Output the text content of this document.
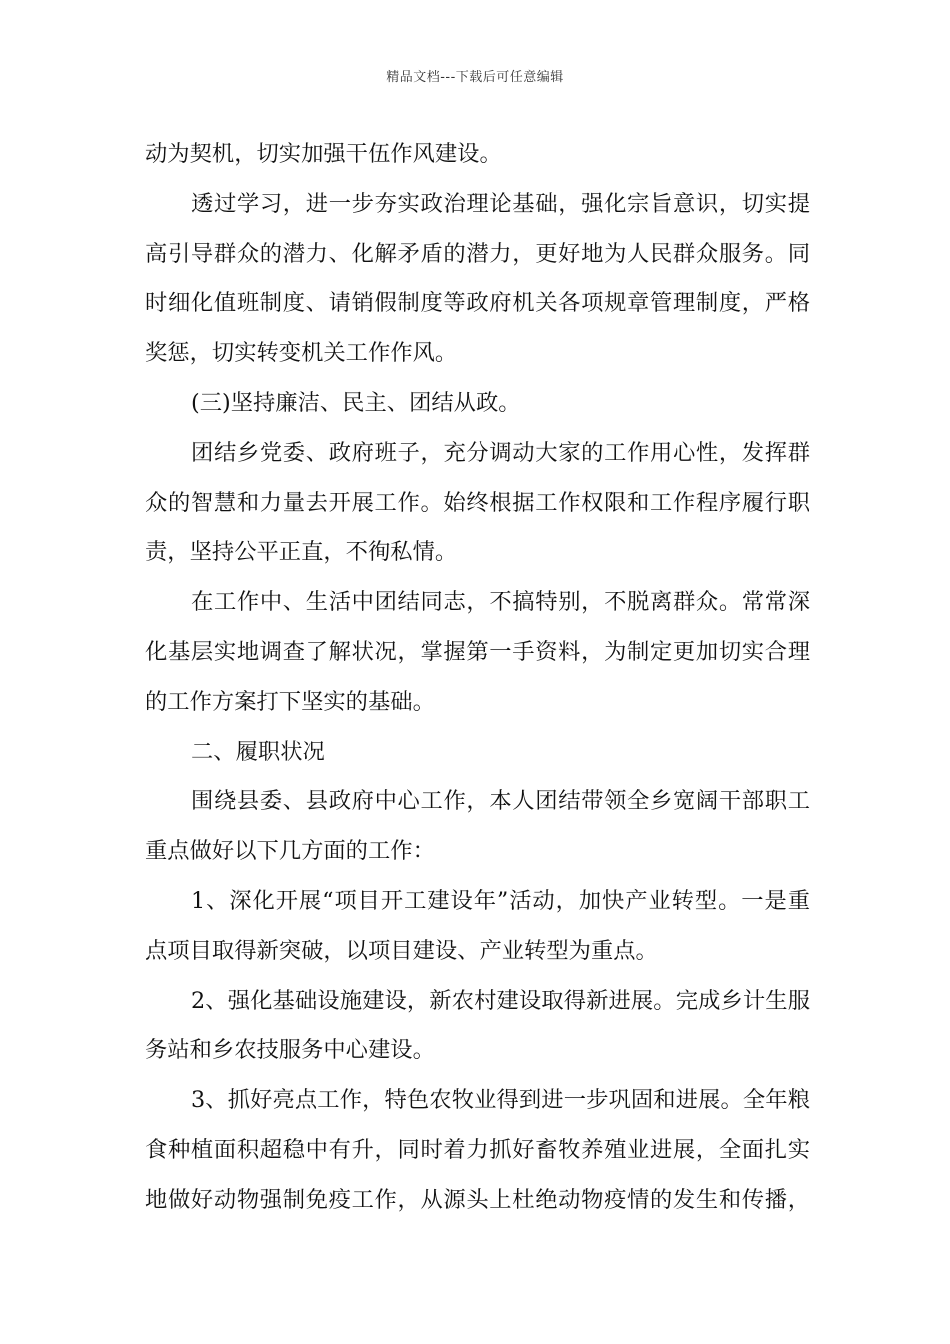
精品文档---下载后可任意编辑
动为契机，切实加强干伍作风建设。
透过学习，进一步夯实政治理论基础，强化宗旨意识，切实提
高引导群众的潜力、化解矛盾的潜力，更好地为人民群众服务。同
时细化值班制度、请销假制度等政府机关各项规章管理制度，严格
奖惩，切实转变机关工作作风。
(三)坚持廉洁、民主、团结从政。
团结乡党委、政府班子，充分调动大家的工作用心性，发挥群
众的智慧和力量去开展工作。始终根据工作权限和工作程序履行职
责，坚持公平正直，不徇私情。
在工作中、生活中团结同志，不搞特别，不脱离群众。常常深
化基层实地调查了解状况，掌握第一手资料，为制定更加切实合理
的工作方案打下坚实的基础。
二、履职状况
围绕县委、县政府中心工作，本人团结带领全乡宽阔干部职工
重点做好以下几方面的工作：
1、深化开展“项目开工建设年”活动，加快产业转型。一是重
点项目取得新突破，以项目建设、产业转型为重点。
2、强化基础设施建设，新农村建设取得新进展。完成乡计生服
务站和乡农技服务中心建设。
3、抓好亮点工作，特色农牧业得到进一步巩固和进展。全年粮
食种植面积超稳中有升，同时着力抓好畜牧养殖业进展，全面扎实
地做好动物强制免疫工作，从源头上杜绝动物疫情的发生和传播，
